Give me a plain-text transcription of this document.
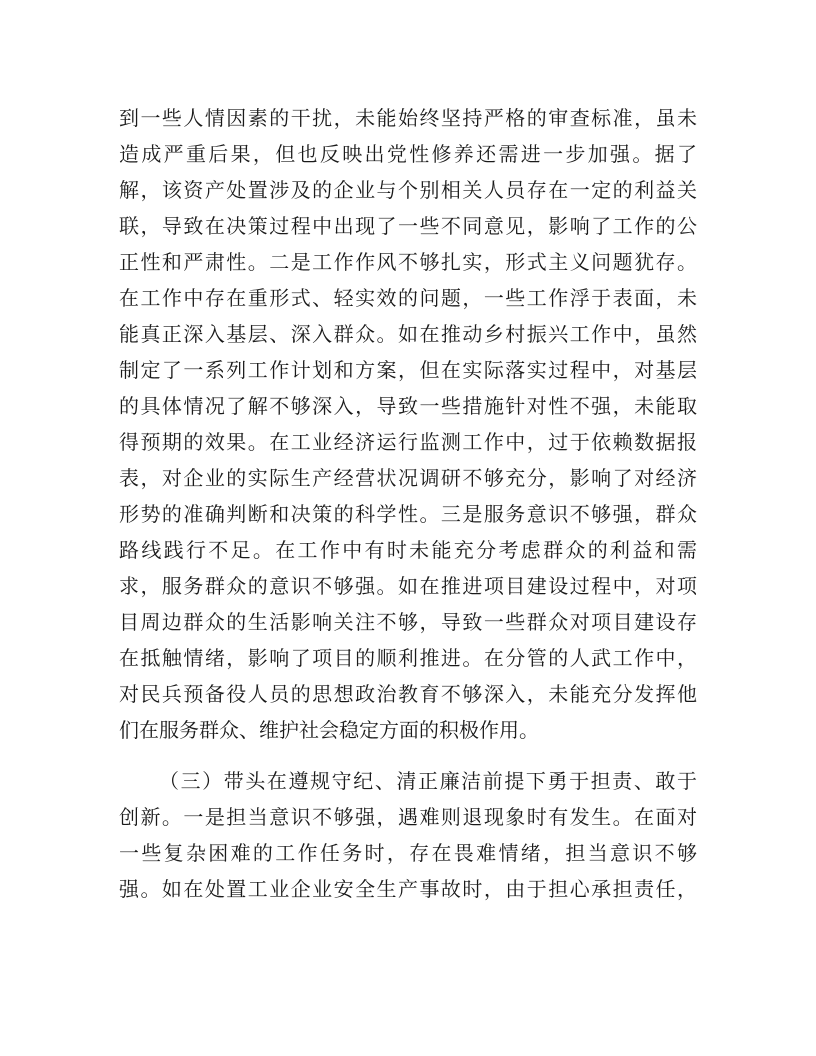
到一些人情因素的干扰，未能始终坚持严格的审查标准，虽未
造成严重后果，但也反映出党性修养还需进一步加强。据了
解，该资产处置涉及的企业与个别相关人员存在一定的利益关
联，导致在决策过程中出现了一些不同意见，影响了工作的公
正性和严肃性。二是工作作风不够扎实，形式主义问题犹存。
在工作中存在重形式、轻实效的问题，一些工作浮于表面，未
能真正深入基层、深入群众。如在推动乡村振兴工作中，虽然
制定了一系列工作计划和方案，但在实际落实过程中，对基层
的具体情况了解不够深入，导致一些措施针对性不强，未能取
得预期的效果。在工业经济运行监测工作中，过于依赖数据报
表，对企业的实际生产经营状况调研不够充分，影响了对经济
形势的准确判断和决策的科学性。三是服务意识不够强，群众
路线践行不足。在工作中有时未能充分考虑群众的利益和需
求，服务群众的意识不够强。如在推进项目建设过程中，对项
目周边群众的生活影响关注不够，导致一些群众对项目建设存
在抵触情绪，影响了项目的顺利推进。在分管的人武工作中，
对民兵预备役人员的思想政治教育不够深入，未能充分发挥他
们在服务群众、维护社会稳定方面的积极作用。
（三）带头在遵规守纪、清正廉洁前提下勇于担责、敢于
创新。一是担当意识不够强，遇难则退现象时有发生。在面对
一些复杂困难的工作任务时，存在畏难情绪，担当意识不够
强。如在处置工业企业安全生产事故时，由于担心承担责任，
